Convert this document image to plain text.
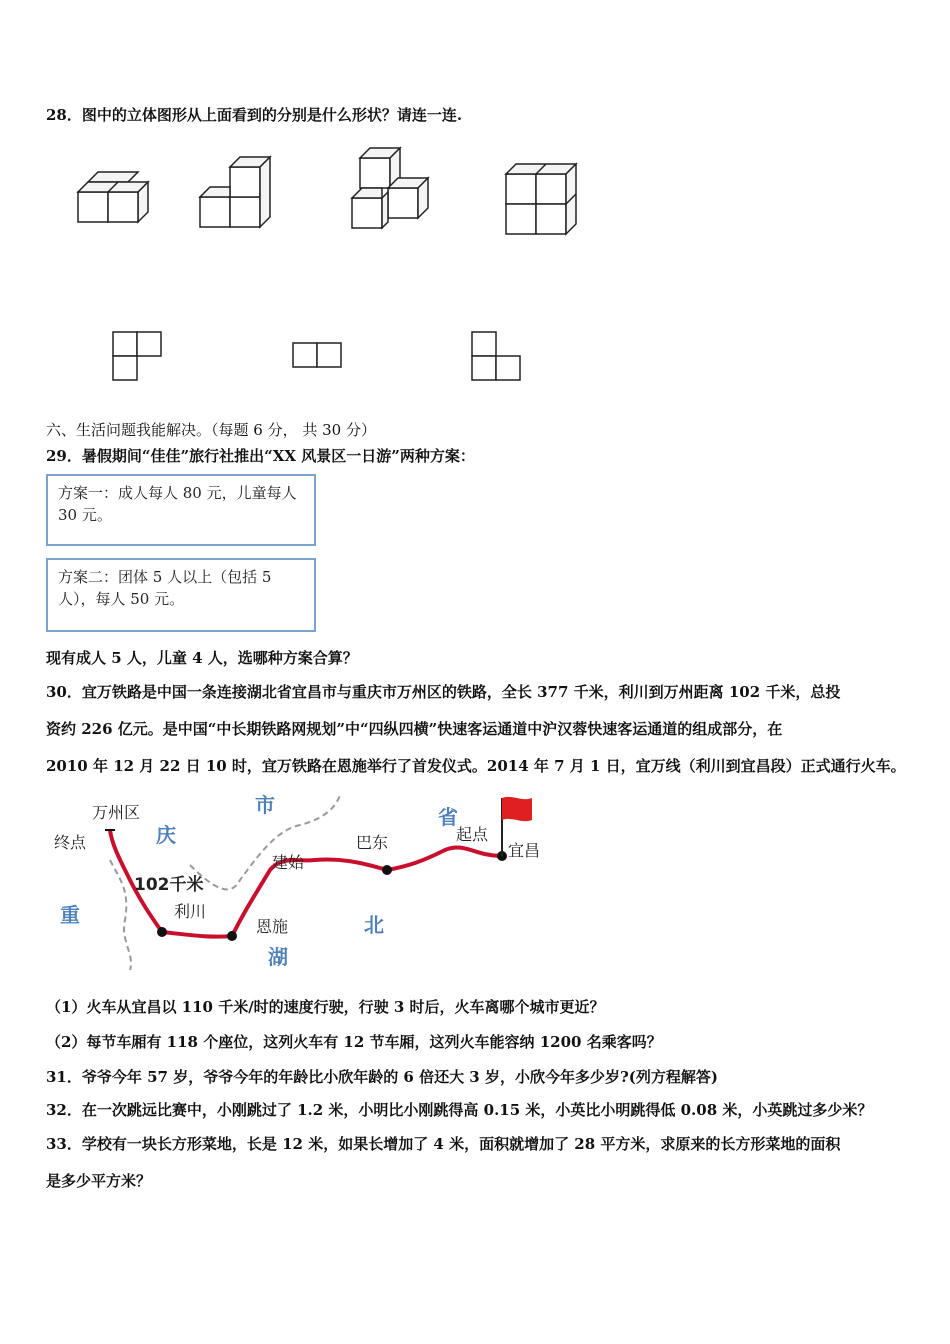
28．图中的立体图形从上面看到的分别是什么形状？请连一连.
六、生活问题我能解决。（每题 6 分， 共 30 分）
29．暑假期间“佳佳”旅行社推出“XX 风景区一日游”两种方案：
方案一：成人每人 80 元，儿童每人 30 元。
方案二：团体 5 人以上（包括 5 人），每人 50 元。
现有成人 5 人，儿童 4 人，选哪种方案合算？
30．宜万铁路是中国一条连接湖北省宜昌市与重庆市万州区的铁路，全长 377 千米，利川到万州距离 102 千米，总投
资约 226 亿元。是中国“中长期铁路网规划”中“四纵四横”快速客运通道中沪汉蓉快速客运通道的组成部分，在
2010 年 12 月 22 日 10 时，宜万铁路在恩施举行了首发仪式。2014 年 7 月 1 日，宜万线（利川到宜昌段）正式通行火车。
万州区
终点
102千米
利川
恩施
建始
巴东	起点
宜昌
庆
市	省
北
湖
重
（1）火车从宜昌以 110 千米/时的速度行驶，行驶 3 时后，火车离哪个城市更近？
（2）每节车厢有 118 个座位，这列火车有 12 节车厢，这列火车能容纳 1200 名乘客吗？
31．爷爷今年 57 岁，爷爷今年的年龄比小欣年龄的 6 倍还大 3 岁，小欣今年多少岁?(列方程解答)
32．在一次跳远比赛中，小刚跳过了 1.2 米，小明比小刚跳得高 0.15 米，小英比小明跳得低 0.08 米，小英跳过多少米？
33．学校有一块长方形菜地，长是 12 米，如果长增加了 4 米，面积就增加了 28 平方米，求原来的长方形菜地的面积
是多少平方米？
